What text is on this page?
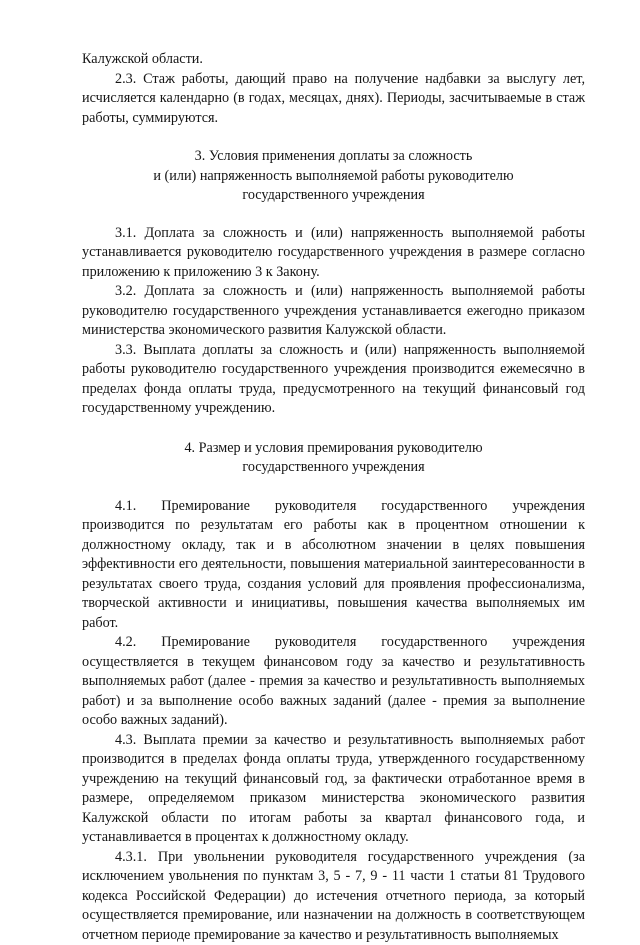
Калужской области.

2.3. Стаж работы, дающий право на получение надбавки за выслугу лет, исчисляется календарно (в годах, месяцах, днях). Периоды, засчитываемые в стаж работы, суммируются.

3. Условия применения доплаты за сложность
и (или) напряженность выполняемой работы руководителю
государственного учреждения

3.1. Доплата за сложность и (или) напряженность выполняемой работы устанавливается руководителю государственного учреждения в размере согласно приложению к приложению 3 к Закону.

3.2. Доплата за сложность и (или) напряженность выполняемой работы руководителю государственного учреждения устанавливается ежегодно приказом министерства экономического развития Калужской области.

3.3. Выплата доплаты за сложность и (или) напряженность выполняемой работы руководителю государственного учреждения производится ежемесячно в пределах фонда оплаты труда, предусмотренного на текущий финансовый год государственному учреждению.

4. Размер и условия премирования руководителю
государственного учреждения

4.1. Премирование руководителя государственного учреждения производится по результатам его работы как в процентном отношении к должностному окладу, так и в абсолютном значении в целях повышения эффективности его деятельности, повышения материальной заинтересованности в результатах своего труда, создания условий для проявления профессионализма, творческой активности и инициативы, повышения качества выполняемых им работ.

4.2. Премирование руководителя государственного учреждения осуществляется в текущем финансовом году за качество и результативность выполняемых работ (далее - премия за качество и результативность выполняемых работ) и за выполнение особо важных заданий (далее - премия за выполнение особо важных заданий).

4.3. Выплата премии за качество и результативность выполняемых работ производится в пределах фонда оплаты труда, утвержденного государственному учреждению на текущий финансовый год, за фактически отработанное время в размере, определяемом приказом министерства экономического развития Калужской области по итогам работы за квартал финансового года, и устанавливается в процентах к должностному окладу.

4.3.1. При увольнении руководителя государственного учреждения (за исключением увольнения по пунктам 3, 5 - 7, 9 - 11 части 1 статьи 81 Трудового кодекса Российской Федерации) до истечения отчетного периода, за который осуществляется премирование, или назначении на должность в соответствующем отчетном периоде премирование за качество и результативность выполняемых
